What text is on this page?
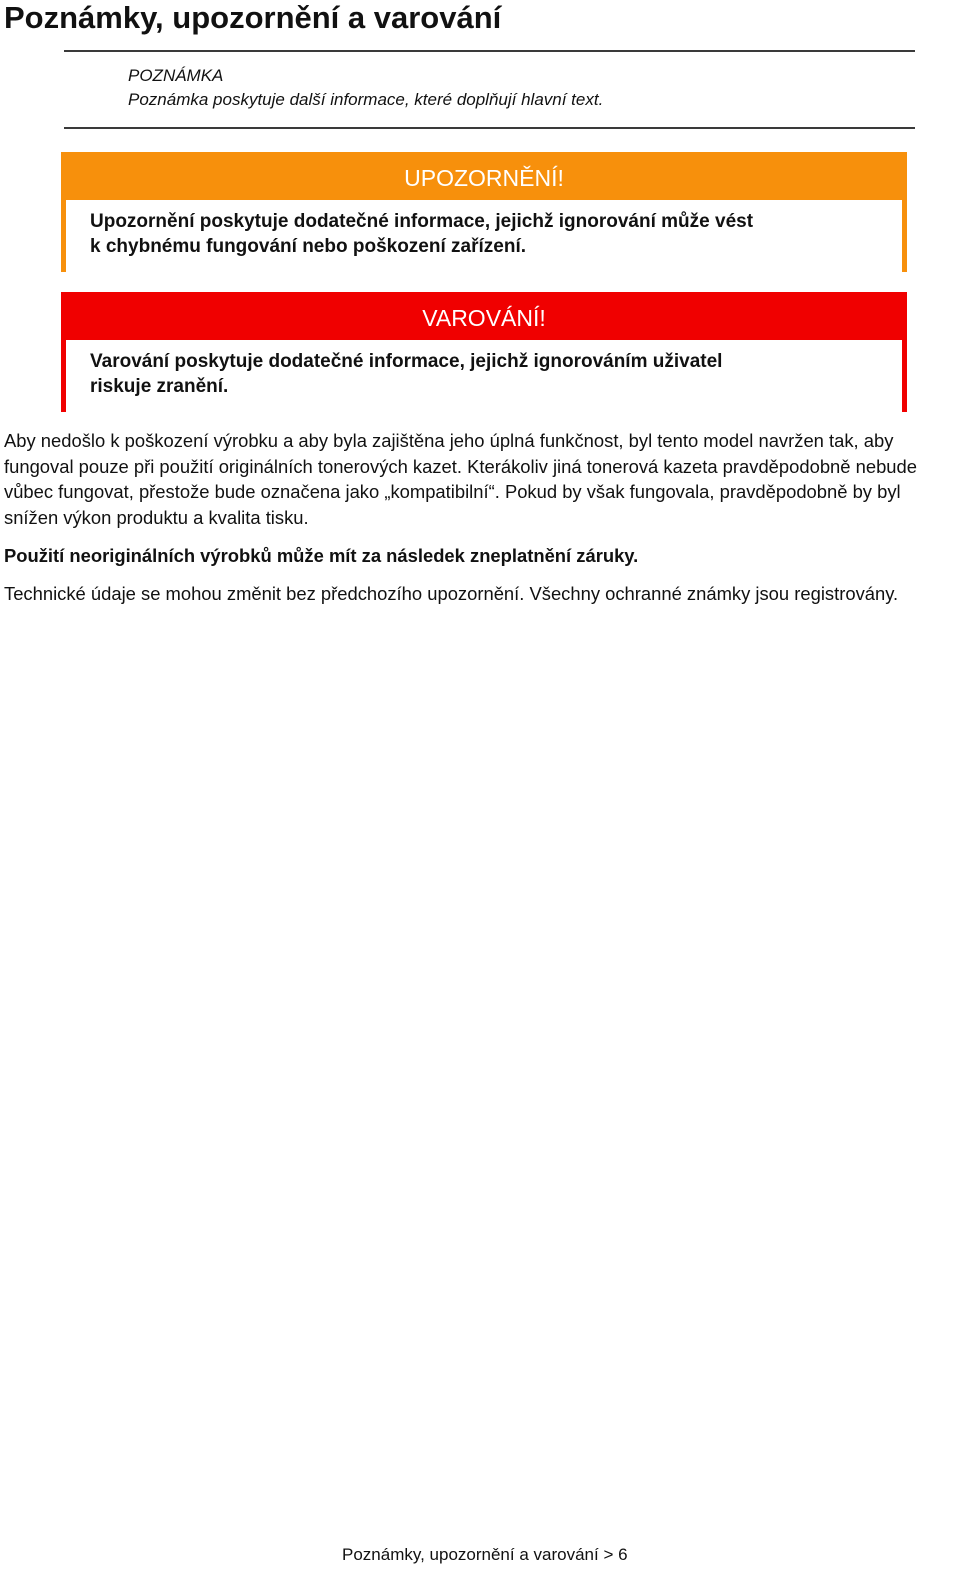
Poznámky, upozornění a varování
POZNÁMKA
Poznámka poskytuje další informace, které doplňují hlavní text.
UPOZORNĚNÍ!
Upozornění poskytuje dodatečné informace, jejichž ignorování může vést
k chybnému fungování nebo poškození zařízení.
VAROVÁNÍ!
Varování poskytuje dodatečné informace, jejichž ignorováním uživatel
riskuje zranění.

Aby nedošlo k poškození výrobku a aby byla zajištěna jeho úplná funkčnost, byl tento model navržen tak, aby fungoval pouze při použití originálních tonerových kazet. Kterákoliv jiná tonerová kazeta pravděpodobně nebude vůbec fungovat, přestože bude označena jako „kompatibilní“. Pokud by však fungovala, pravděpodobně by byl snížen výkon produktu a kvalita tisku.

Použití neoriginálních výrobků může mít za následek zneplatnění záruky.

Technické údaje se mohou změnit bez předchozího upozornění. Všechny ochranné známky jsou registrovány.

Poznámky, upozornění a varování > 6
